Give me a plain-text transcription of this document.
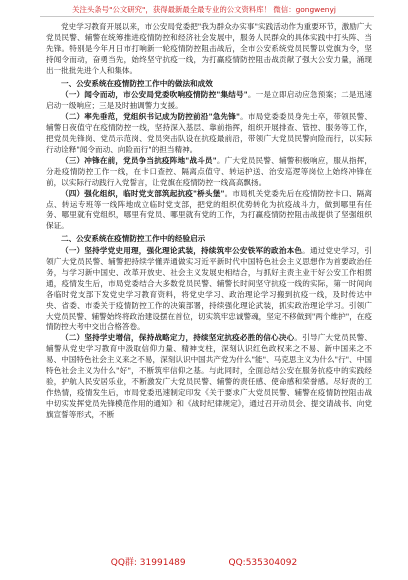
关注头条号"公文研究"，获得最新最全最专业的公文资料库！ 微信：gongwenyj

党史学习教育开展以来，市公安局党委把"我为群众办实事"实践活动作为重要环节，激励广大党员民警、辅警在统筹推进疫情防控和经济社会发展中，服务人民群众的具体实践中打头阵、当先锋。特别是今年月日市打响新一轮疫情防控阻击战后，全市公安系统党员民警以党旗为令，坚持闻令而动，奋勇当先，始终坚守抗疫一线，为打赢疫情防控阻击战贡献了强大公安力量，涌现出一批批先进个人和集体。

一、公安系统在疫情防控工作中的做法和成效

（一）闻令而动，市公安局党委吹响疫情防控"集结号"。一是立即启动应急预案；二是迅速启动一级响应；三是及时抽调警力支援。

（二）率先垂范，党组织书记成为防控前沿"急先锋"。市局党委委员身先士卒，带领民警、辅警日夜值守在疫情防控一线，坚持深入基层、靠前指挥，组织开展排查、管控、服务等工作，把党员先锋岗、党员示范岗、党员突击队设在抗疫最前沿，带领广大党员民警向险而行，以实际行动诠释"闻令而动、向险而行"的担当精神。

（三）冲锋在前，党员争当抗疫阵地"战斗员"。广大党员民警、辅警积极响应，服从指挥，分赴疫情防控工作一线，在卡口查控、隔离点值守、转运护送、治安巡逻等岗位上始终冲锋在前，以实际行动践行入党誓言，让党旗在疫情防控一线高高飘扬。

（四）强化组织，临时党支部筑起抗疫"桥头堡"。市局机关党委先后在疫情防控卡口、隔离点、转运专班等一线阵地成立临时党支部，把党的组织优势转化为抗疫战斗力，做到哪里有任务、哪里就有党组织，哪里有党员、哪里就有党的工作，为打赢疫情防控阻击战提供了坚强组织保证。

二、公安系统在疫情防控工作中的经验启示

（一）坚持学党史用理，强化理论武装，持续筑牢公安铁军的政治本色。通过党史学习，引领广大党员民警、辅警把持续学懂弄通做实习近平新时代中国特色社会主义思想作为首要政治任务，与学习新中国史、改革开放史、社会主义发展史相结合，与抓好主责主业干好公安工作相贯通，疫情发生后，市局党委结合大多数党员民警、辅警长时间坚守抗疫一线的实际，第一时间向各临时党支部下发党史学习教育资料，将党史学习、政治理论学习搬到抗疫一线，及时传达中央、省委、市委关于疫情防控工作的决策部署，持续强化理论武装，抓实政治理论学习。引领广大党员民警、辅警始终将政治建设摆在首位，切实筑牢忠诚警魂，坚定不移做到"两个维护"，在疫情防控大考中交出合格答卷。

（二）坚持学史增信，保持战略定力，持续坚定抗疫必胜的信心决心。引导广大党员民警、辅警从党史学习教育中汲取信仰力量、精神支柱，深刻认识红色政权来之不易、新中国来之不易、中国特色社会主义来之不易，深刻认识中国共产党为什么"能"、马克思主义为什么"行"、中国特色社会主义为什么"好"，不断筑牢信仰之基。与此同时，全面总结公安在服务抗疫中的实践经验，护航人民安居乐业，不断激发广大党员民警、辅警的责任感、使命感和荣誉感。尽好责的工作热情，疫情发生后，市局党委迅速制定印发《关于要求广大党员民警、辅警在疫情防控阻击战中切实发挥党员先锋模范作用的通知》和《战时纪律规定》，通过召开动员会、提交请战书、向党旗宣誓等形式，不断

QQ群: 31991489	QQ:535304092
